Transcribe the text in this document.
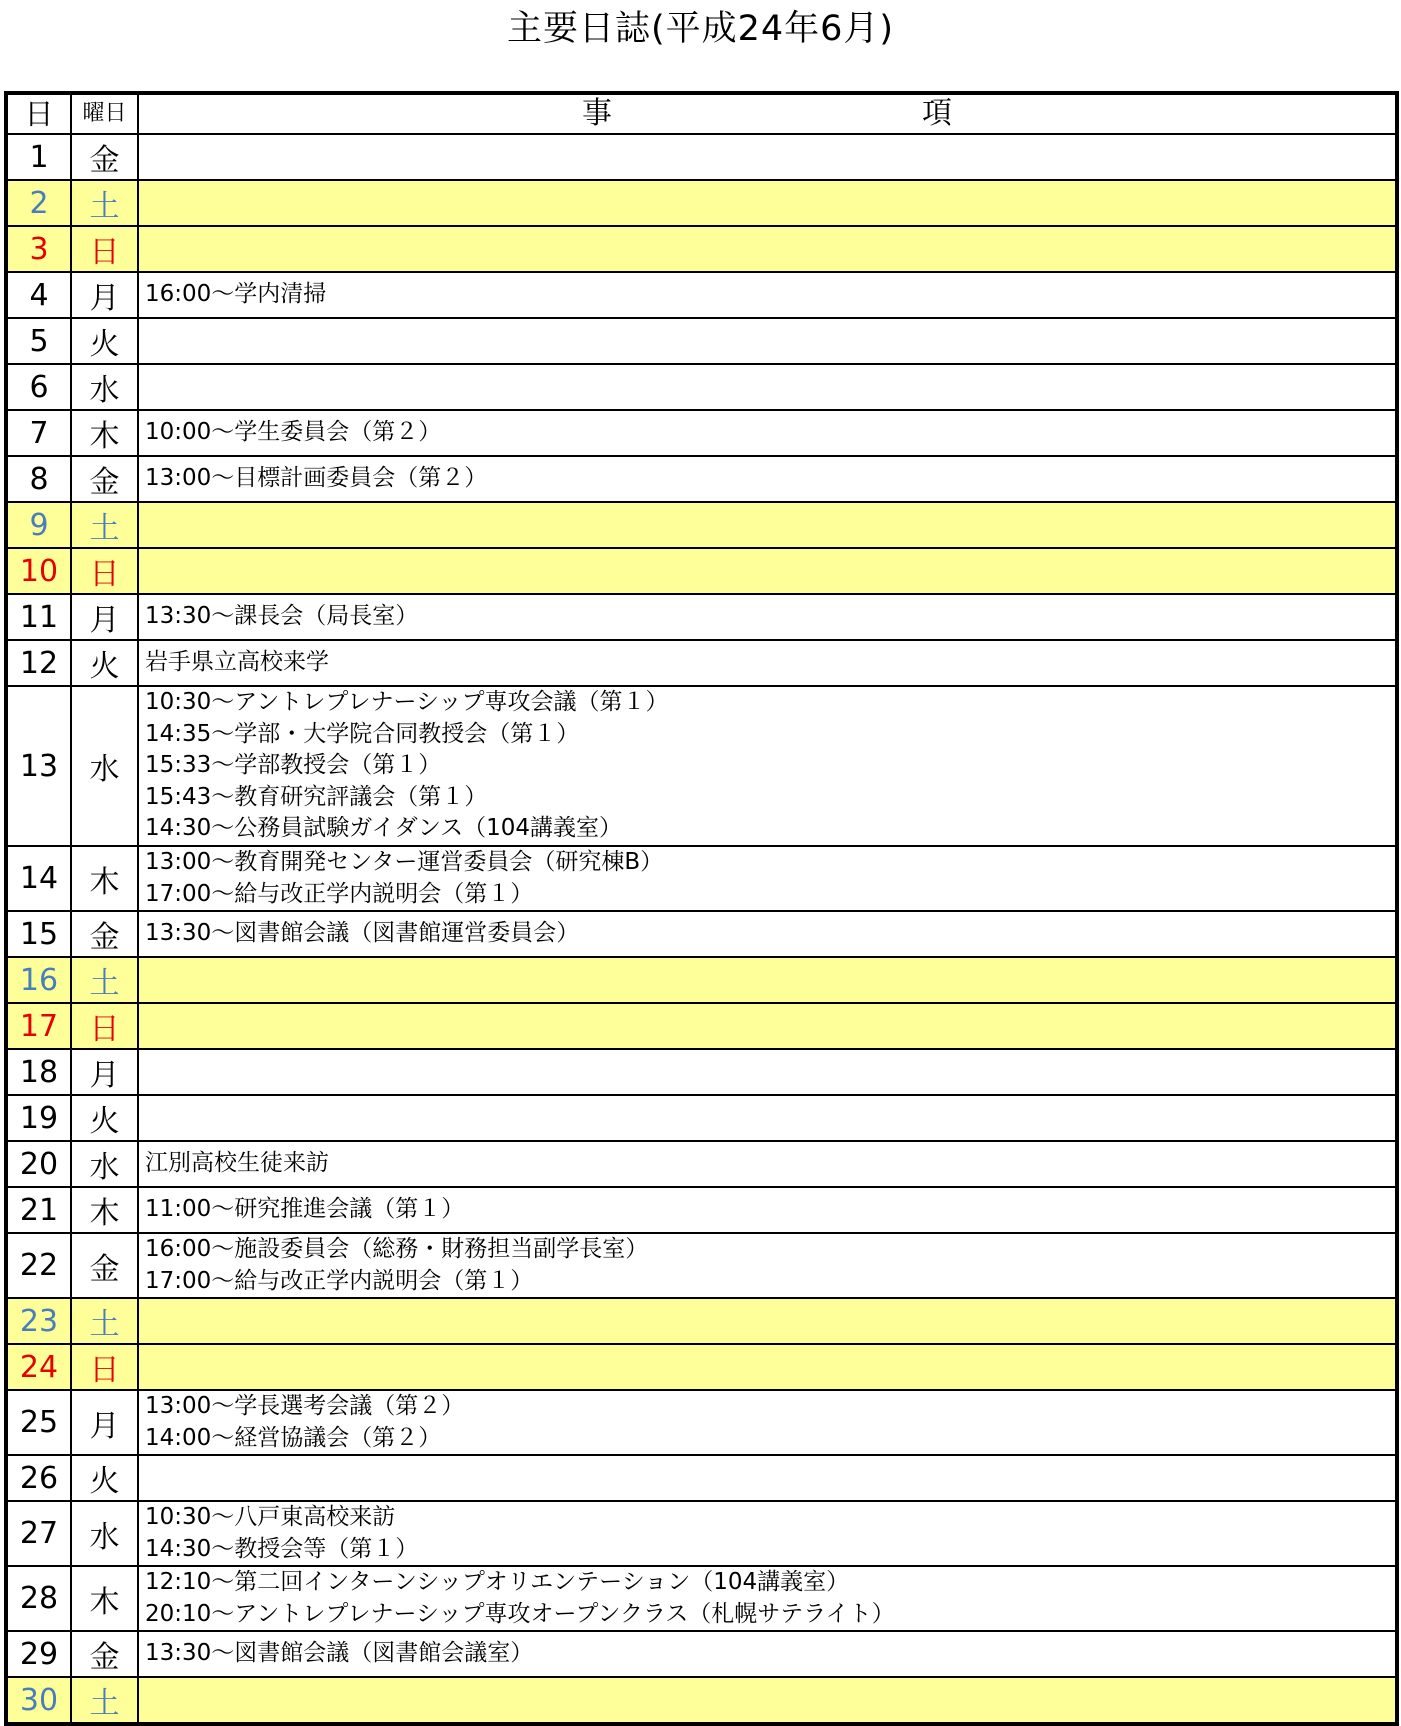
主要日誌(平成24年6月)
日	曜日	事 項
1	金	
2	土	
3	日	
4	月	16:00～学内清掃

5	火	
6	水	
7	木	10:00～学生委員会（第２）

8	金	13:00～目標計画委員会（第２）

9	土	
10	日	
11	月	13:30～課長会（局長室）

12	火	岩手県立高校来学

13	水	10:30～アントレプレナーシップ専攻会議（第１）
14:35～学部・大学院合同教授会（第１）
15:33～学部教授会（第１）
15:43～教育研究評議会（第１）
14:30～公務員試験ガイダンス（104講義室）

14	木	13:00～教育開発センター運営委員会（研究棟B）
17:00～給与改正学内説明会（第１）

15	金	13:30～図書館会議（図書館運営委員会）

16	土	
17	日	
18	月	
19	火	
20	水	江別高校生徒来訪

21	木	11:00～研究推進会議（第１）

22	金	16:00～施設委員会（総務・財務担当副学長室）
17:00～給与改正学内説明会（第１）

23	土	
24	日	
25	月	13:00～学長選考会議（第２）
14:00～経営協議会（第２）

26	火	
27	水	10:30～八戸東高校来訪
14:30～教授会等（第１）

28	木	12:10～第二回インターンシップオリエンテーション（104講義室）
20:10～アントレプレナーシップ専攻オープンクラス（札幌サテライト）

29	金	13:30～図書館会議（図書館会議室）

30	土	
